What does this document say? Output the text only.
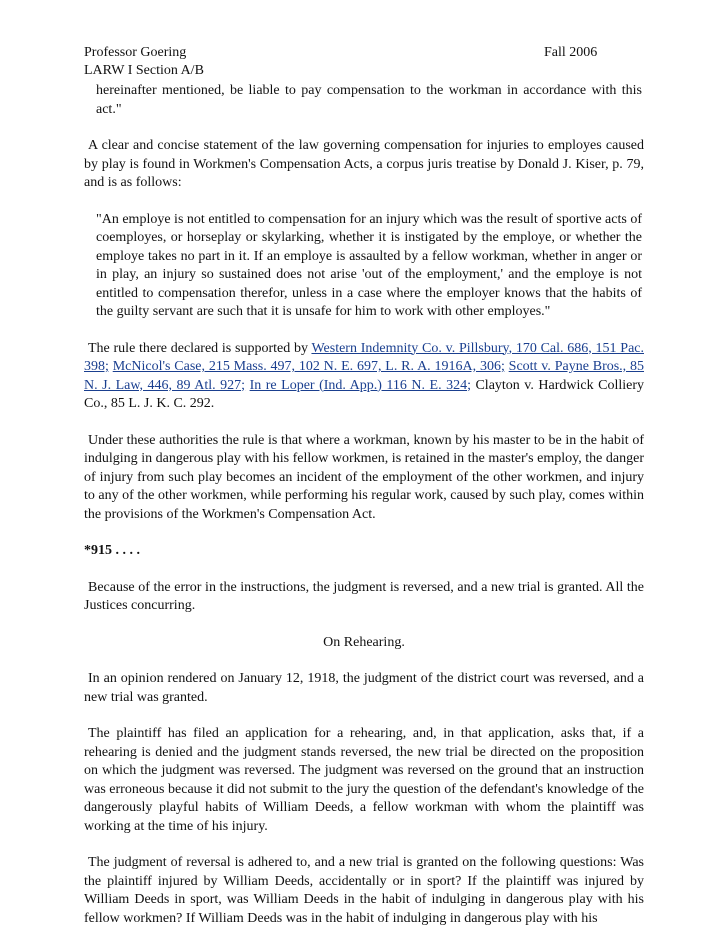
Professor Goering
LARW I Section A/B
Fall 2006

hereinafter mentioned, be liable to pay compensation to the workman in accordance with this act."

A clear and concise statement of the law governing compensation for injuries to employes caused by play is found in Workmen's Compensation Acts, a corpus juris treatise by Donald J. Kiser, p. 79, and is as follows:

"An employe is not entitled to compensation for an injury which was the result of sportive acts of coemployes, or horseplay or skylarking, whether it is instigated by the employe, or whether the employe takes no part in it. If an employe is assaulted by a fellow workman, whether in anger or in play, an injury so sustained does not arise 'out of the employment,' and the employe is not entitled to compensation therefor, unless in a case where the employer knows that the habits of the guilty servant are such that it is unsafe for him to work with other employes."

The rule there declared is supported by Western Indemnity Co. v. Pillsbury, 170 Cal. 686, 151 Pac. 398; McNicol's Case, 215 Mass. 497, 102 N. E. 697, L. R. A. 1916A, 306; Scott v. Payne Bros., 85 N. J. Law, 446, 89 Atl. 927; In re Loper (Ind. App.) 116 N. E. 324; Clayton v. Hardwick Colliery Co., 85 L. J. K. C. 292.

Under these authorities the rule is that where a workman, known by his master to be in the habit of indulging in dangerous play with his fellow workmen, is retained in the master's employ, the danger of injury from such play becomes an incident of the employment of the other workmen, and injury to any of the other workmen, while performing his regular work, caused by such play, comes within the provisions of the Workmen's Compensation Act.

*915 . . . .

Because of the error in the instructions, the judgment is reversed, and a new trial is granted. All the Justices concurring.

On Rehearing.

In an opinion rendered on January 12, 1918, the judgment of the district court was reversed, and a new trial was granted.

The plaintiff has filed an application for a rehearing, and, in that application, asks that, if a rehearing is denied and the judgment stands reversed, the new trial be directed on the proposition on which the judgment was reversed. The judgment was reversed on the ground that an instruction was erroneous because it did not submit to the jury the question of the defendant's knowledge of the dangerously playful habits of William Deeds, a fellow workman with whom the plaintiff was working at the time of his injury.

The judgment of reversal is adhered to, and a new trial is granted on the following questions: Was the plaintiff injured by William Deeds, accidentally or in sport? If the plaintiff was injured by William Deeds in sport, was William Deeds in the habit of indulging in dangerous play with his fellow workmen? If William Deeds was in the habit of indulging in dangerous play with his
